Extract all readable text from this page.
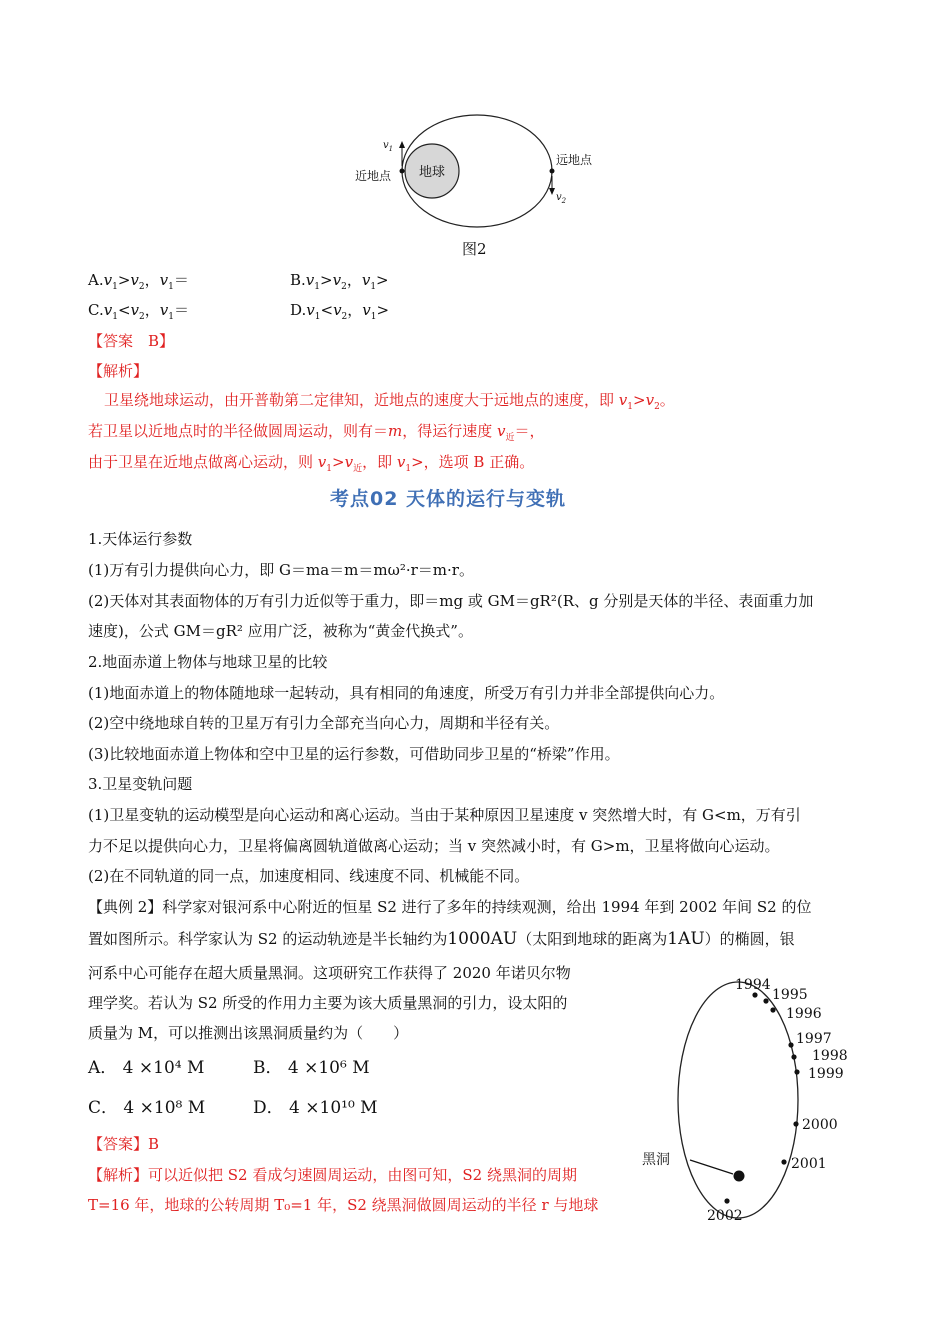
地球
近地点
远地点
$v_1$
$v_2$
图2
$A.v_1>v_2$，$v_1=$	$B.v_1>v_2$，$v_1>$
$C.v_1<v_2$，$v_1=$	$D.v_1<v_2$，$v_1>$
【答案　B】
【解析】
卫星绕地球运动，由开普勒第二定律知，近地点的速度大于远地点的速度，即 $v_1>v_2$。
若卫星以近地点时的半径做圆周运动，则有＝m，得运行速度 $v_近=$，
由于卫星在近地点做离心运动，则 $v_1>v_近$，即 $v_1>$，选项 B 正确。
考点02 天体的运行与变轨
1.天体运行参数
(1)万有引力提供向心力，即 G＝ma＝m＝mω²·r＝m·r。
(2)天体对其表面物体的万有引力近似等于重力，即＝mg 或 GM＝gR²(R、g 分别是天体的半径、表面重力加
速度)，公式 GM＝gR² 应用广泛，被称为“黄金代换式”。
2.地面赤道上物体与地球卫星的比较
(1)地面赤道上的物体随地球一起转动，具有相同的角速度，所受万有引力并非全部提供向心力。
(2)空中绕地球自转的卫星万有引力全部充当向心力，周期和半径有关。
(3)比较地面赤道上物体和空中卫星的运行参数，可借助同步卫星的“桥梁”作用。
3.卫星变轨问题
(1)卫星变轨的运动模型是向心运动和离心运动。当由于某种原因卫星速度 v 突然增大时，有 G<m，万有引
力不足以提供向心力，卫星将偏离圆轨道做离心运动；当 v 突然减小时，有 G>m，卫星将做向心运动。
(2)在不同轨道的同一点，加速度相同、线速度不同、机械能不同。
【典例 2】科学家对银河系中心附近的恒星 S2 进行了多年的持续观测，给出 1994 年到 2002 年间 S2 的位
置如图所示。科学家认为 S2 的运动轨迹是半长轴约为1000AU（太阳到地球的距离为1AU）的椭圆，银
河系中心可能存在超大质量黑洞。这项研究工作获得了 2020 年诺贝尔物
理学奖。若认为 S2 所受的作用力主要为该大质量黑洞的引力，设太阳的
质量为 M，可以推测出该黑洞质量约为（　　）
A． 4 ×10⁴ M	B． 4 ×10⁶ M
C． 4 ×10⁸ M	D． 4 ×10¹⁰ M
【答案】B
【解析】可以近似把 S2 看成匀速圆周运动，由图可知，S2 绕黑洞的周期
T=16 年，地球的公转周期 T₀=1 年，S2 绕黑洞做圆周运动的半径 r 与地球
黑洞
1994
1995
1996
1997
1998
1999
2000
2001
2002
